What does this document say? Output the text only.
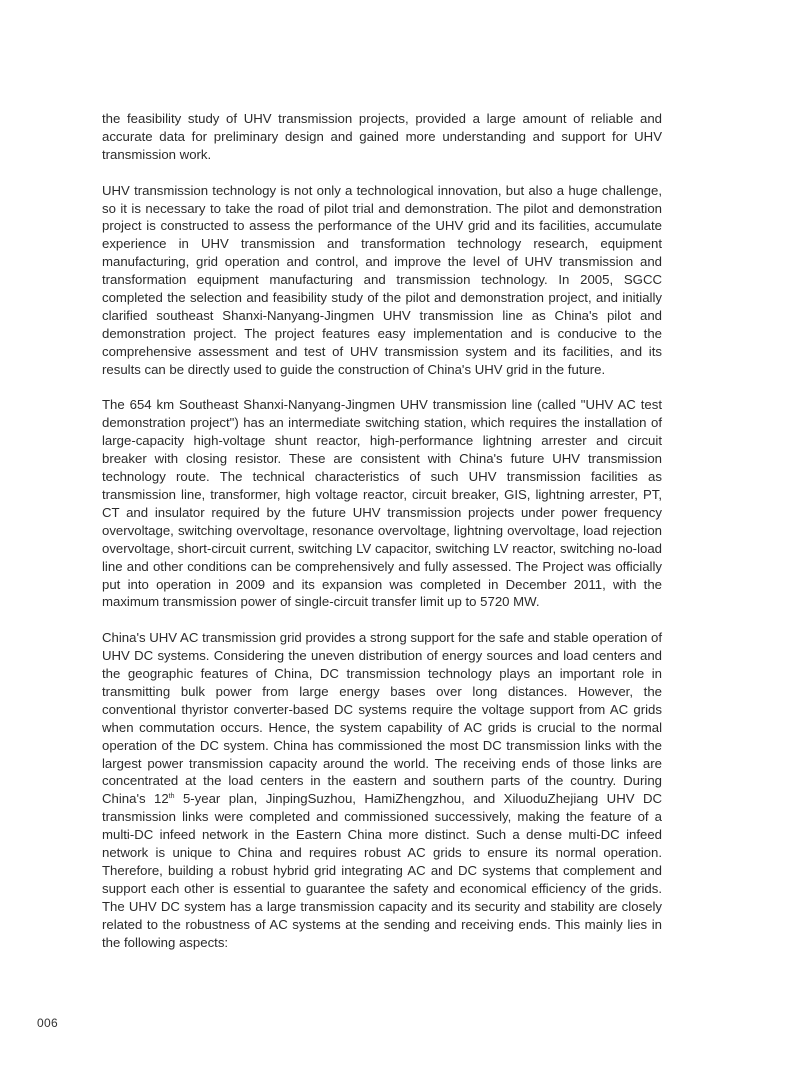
the feasibility study of UHV transmission projects, provided a large amount of reliable and accurate data for preliminary design and gained more understanding and support for UHV transmission work.

UHV transmission technology is not only a technological innovation, but also a huge challenge, so it is necessary to take the road of pilot trial and demonstration. The pilot and demonstration project is constructed to assess the performance of the UHV grid and its facilities, accumulate experience in UHV transmission and transformation technology research, equipment manufacturing, grid operation and control, and improve the level of UHV transmission and transformation equipment manufacturing and transmission technology. In 2005, SGCC completed the selection and feasibility study of the pilot and demonstration project, and initially clarified southeast Shanxi-Nanyang-Jingmen UHV transmission line as China's pilot and demonstration project. The project features easy implementation and is conducive to the comprehensive assessment and test of UHV transmission system and its facilities, and its results can be directly used to guide the construction of China's UHV grid in the future.

The 654 km Southeast Shanxi-Nanyang-Jingmen UHV transmission line (called "UHV AC test demonstration project") has an intermediate switching station, which requires the installation of large-capacity high-voltage shunt reactor, high-performance lightning arrester and circuit breaker with closing resistor. These are consistent with China's future UHV transmission technology route. The technical characteristics of such UHV transmission facilities as transmission line, transformer, high voltage reactor, circuit breaker, GIS, lightning arrester, PT, CT and insulator required by the future UHV transmission projects under power frequency overvoltage, switching overvoltage, resonance overvoltage, lightning overvoltage, load rejection overvoltage, short-circuit current, switching LV capacitor, switching LV reactor, switching no-load line and other conditions can be comprehensively and fully assessed. The Project was officially put into operation in 2009 and its expansion was completed in December 2011, with the maximum transmission power of single-circuit transfer limit up to 5720 MW.

China's UHV AC transmission grid provides a strong support for the safe and stable operation of UHV DC systems. Considering the uneven distribution of energy sources and load centers and the geographic features of China, DC transmission technology plays an important role in transmitting bulk power from large energy bases over long distances. However, the conventional thyristor converter-based DC systems require the voltage support from AC grids when commutation occurs. Hence, the system capability of AC grids is crucial to the normal operation of the DC system. China has commissioned the most DC transmission links with the largest power transmission capacity around the world. The receiving ends of those links are concentrated at the load centers in the eastern and southern parts of the country. During China's 12th 5-year plan, JinpingSuzhou, HamiZhengzhou, and XiluoduZhejiang UHV DC transmission links were completed and commissioned successively, making the feature of a multi-DC infeed network in the Eastern China more distinct. Such a dense multi-DC infeed network is unique to China and requires robust AC grids to ensure its normal operation. Therefore, building a robust hybrid grid integrating AC and DC systems that complement and support each other is essential to guarantee the safety and economical efficiency of the grids. The UHV DC system has a large transmission capacity and its security and stability are closely related to the robustness of AC systems at the sending and receiving ends. This mainly lies in the following aspects:

006
